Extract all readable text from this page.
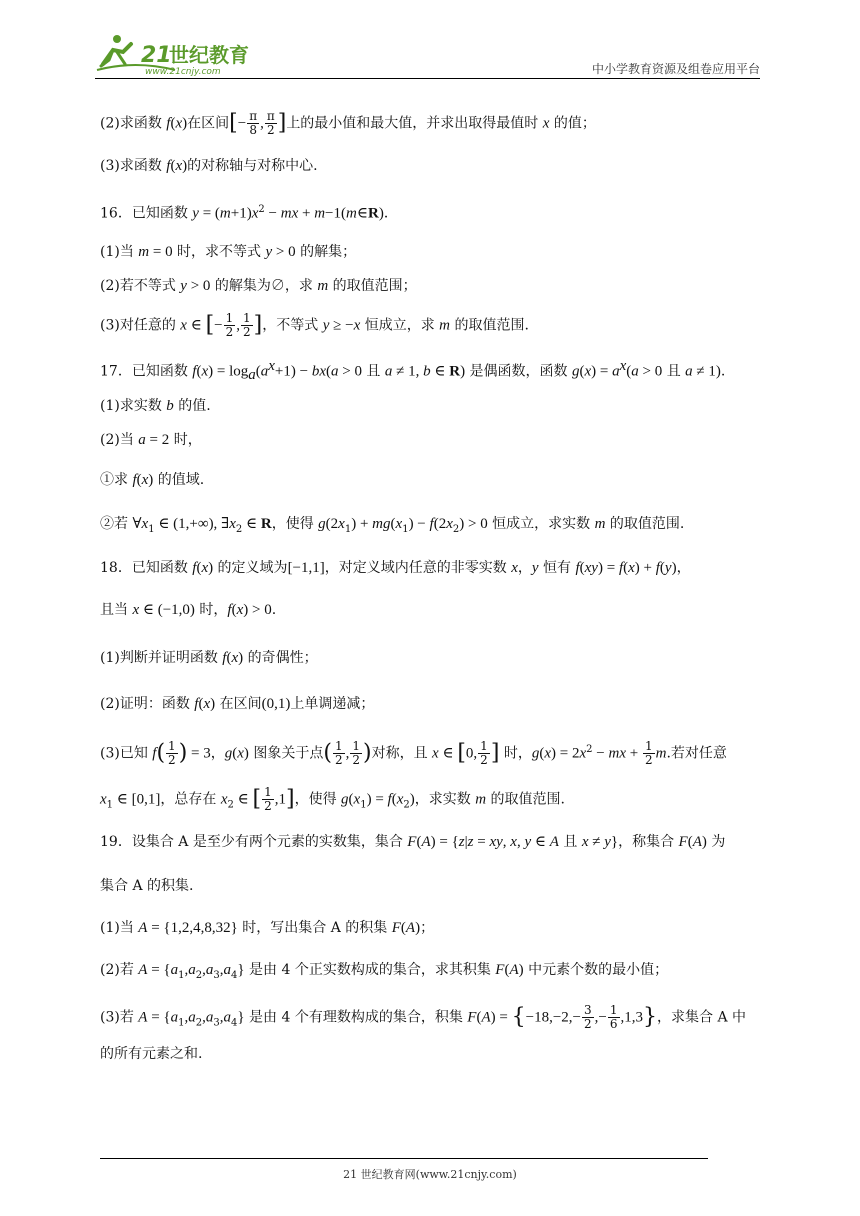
21
世纪教育
www.21cnjy.com	中小学教育资源及组卷应用平台
(2)求函数 f(x)在区间[− $\frac{\pi}{8}$ , $\frac{\pi}{2}$ ]上的最小值和最大值，并求出取得最值时 x 的值；
(3)求函数 f(x)的对称轴与对称中心.
16．已知函数 $y = (m+1)x^2$ − mx + m−1(m∈R)．
(1)当 m = 0 时，求不等式 y > 0 的解集；
(2)若不等式 y > 0 的解集为∅，求 m 的取值范围；
(3)对任意的 x ∈ [− $\frac{1}{2}$ , $\frac{1}{2}$ ]，不等式 y ≥ −x 恒成立，求 m 的取值范围.
17．已知函数 $f(x) = \log_a(a^x+1) - bx(a > 0$ 且 a ≠ 1, b ∈ R) 是偶函数，函数 $g(x) = a^x(a > 0$ 且 a ≠ 1).
(1)求实数 b 的值.
(2)当 a = 2 时，
①求 f(x) 的值域.
②若 $\forall x_1$ ∈ (1,+∞), $\exists x_2$ ∈ R，使得 $g(2x_1) + mg(x_1) - f(2x_2) > 0$ 恒成立，求实数 m 的取值范围.
18．已知函数 f(x) 的定义域为[−1,1]，对定义域内任意的非零实数 x，y 恒有 f(xy) = f(x) + f(y)，
且当 x ∈ (−1,0) 时，f(x) > 0.
(1)判断并证明函数 f(x) 的奇偶性；
(2)证明：函数 f(x) 在区间(0,1)上单调递减；
(3)已知 $f( \frac{1}{2}$ ) = 3，g(x) 图象关于点( $\frac{1}{2}$ , $\frac{1}{2}$ )对称，且 x ∈ [0, $\frac{1}{2}$ ] 时，$g(x) = 2x^2$ − mx + $\frac{1}{2} m$.若对任意
$x_1$ ∈ [0,1]，总存在 $x_2$ ∈ [ $\frac{1}{2} ,1$]，使得 $g(x_1) = f(x_2)$，求实数 m 的取值范围.
19．设集合 A 是至少有两个元素的实数集，集合 F(A) = {z|z = xy, x, y ∈ A 且 x ≠ y}，称集合 F(A) 为
集合 A 的积集.
(1)当 A = {1,2,4,8,32} 时，写出集合 A 的积集 F(A)；
(2)若 $A = \{a_1,a_2,a_3,a_4\}$ 是由 4 个正实数构成的集合，求其积集 F(A) 中元素个数的最小值；
(3)若 $A = \{a_1,a_2,a_3,a_4\}$ 是由 4 个有理数构成的集合，积集 $F(A) = \{-18,-2,- \frac{3}{2}$ ,− $\frac{1}{6} ,1,3$}，求集合 A 中
的所有元素之和.
21 世纪教育网(www.21cnjy.com)
